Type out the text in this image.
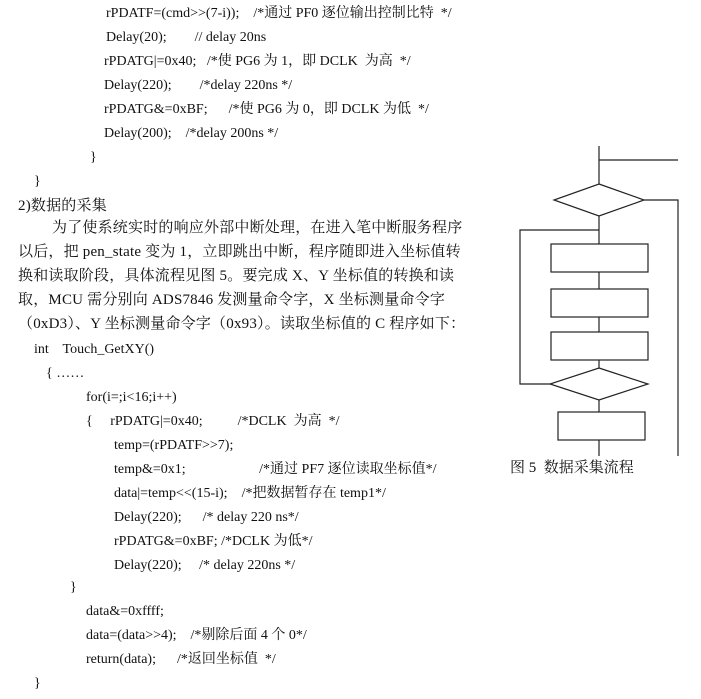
rPDATF=(cmd>>(7-i));    /*通过 PF0 逐位输出控制比特  */
Delay(20);        // delay 20ns
rPDATG|=0x40;   /*使 PG6 为 1，即 DCLK  为高  */
Delay(220);        /*delay 220ns */
rPDATG&=0xBF;      /*使 PG6 为 0，即 DCLK 为低  */
Delay(200);    /*delay 200ns */
}
}
2)数据的采集
为了使系统实时的响应外部中断处理，在进入笔中断服务程序
以后，把 pen_state 变为 1，立即跳出中断，程序随即进入坐标值转
换和读取阶段，具体流程见图 5。要完成 X、Y 坐标值的转换和读
取，MCU 需分别向 ADS7846 发测量命令字，X 坐标测量命令字
（0xD3）、Y 坐标测量命令字（0x93）。读取坐标值的 C 程序如下：
int    Touch_GetXY()
{ ……
for(i=;i<16;i++)
{     rPDATG|=0x40;          /*DCLK  为高  */
temp=(rPDATF>>7);
temp&=0x1;                     /*通过 PF7 逐位读取坐标值*/
data|=temp<<(15-i);    /*把数据暂存在 temp1*/
Delay(220);      /* delay 220 ns*/
rPDATG&=0xBF; /*DCLK 为低*/
Delay(220);     /* delay 220ns */
}
data&=0xffff;
data=(data>>4);    /*剔除后面 4 个 0*/
return(data);      /*返回坐标值  */
}
图 5  数据采集流程
